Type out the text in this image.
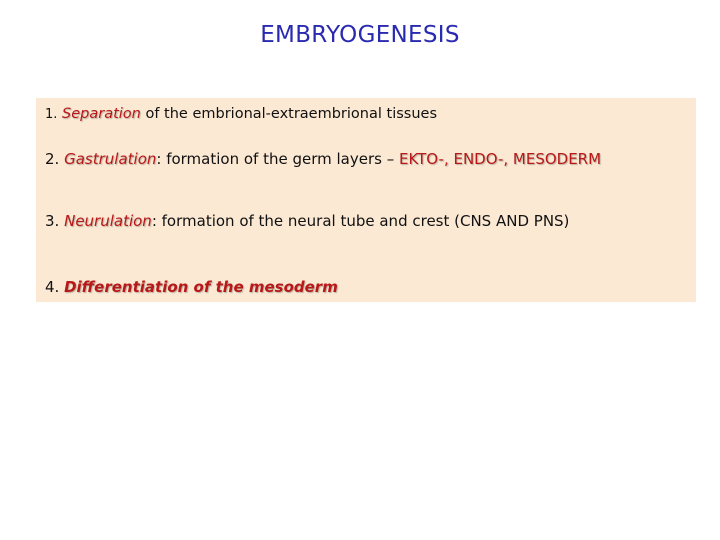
EMBRYOGENESIS
1. Separation of the embrional-extraembrional tissues
2. Gastrulation: formation of the germ layers – EKTO-, ENDO-, MESODERM
3. Neurulation: formation of the neural tube and crest (CNS AND PNS)
4. Differentiation of the mesoderm
